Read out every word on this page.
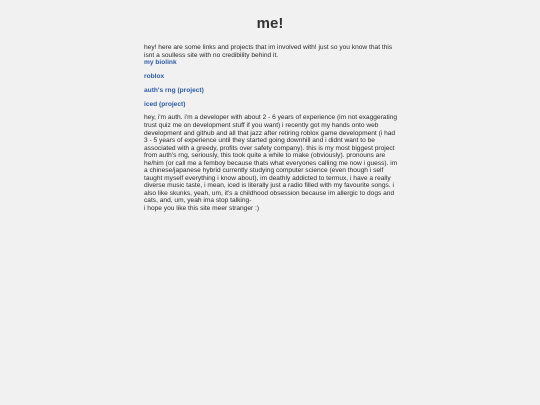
me!

hey! here are some links and projects that im involved with! just so you know that this isnt a soulless site with no credibility behind it.

my biolink
roblox
auth's rng (project)
iced (project)

hey, i'm auth. i'm a developer with about 2 - 6 years of experience (im not exaggerating trust quiz me on development stuff if you want) i recently got my hands onto web development and github and all that jazz after retiring roblox game development (i had 3 - 5 years of experience until they started going downhill and i didnt want to be associated with a greedy, profits over safety company). this is my most biggest project from auth's rng, seriously, this took quite a while to make (obviously). pronouns are he/him (or call me a femboy because thats what everyones calling me now i guess). im a chinese/japanese hybrid currently studying computer science (even though i self taught myself everything i know about), im deathly addicted to termux, i have a really diverse music taste, i mean, iced is literally just a radio filled with my favourite songs. i also like skunks, yeah, um, it's a childhood obsession because im allergic to dogs and cats, and, um, yeah ima stop talking-

i hope you like this site meer stranger :)
